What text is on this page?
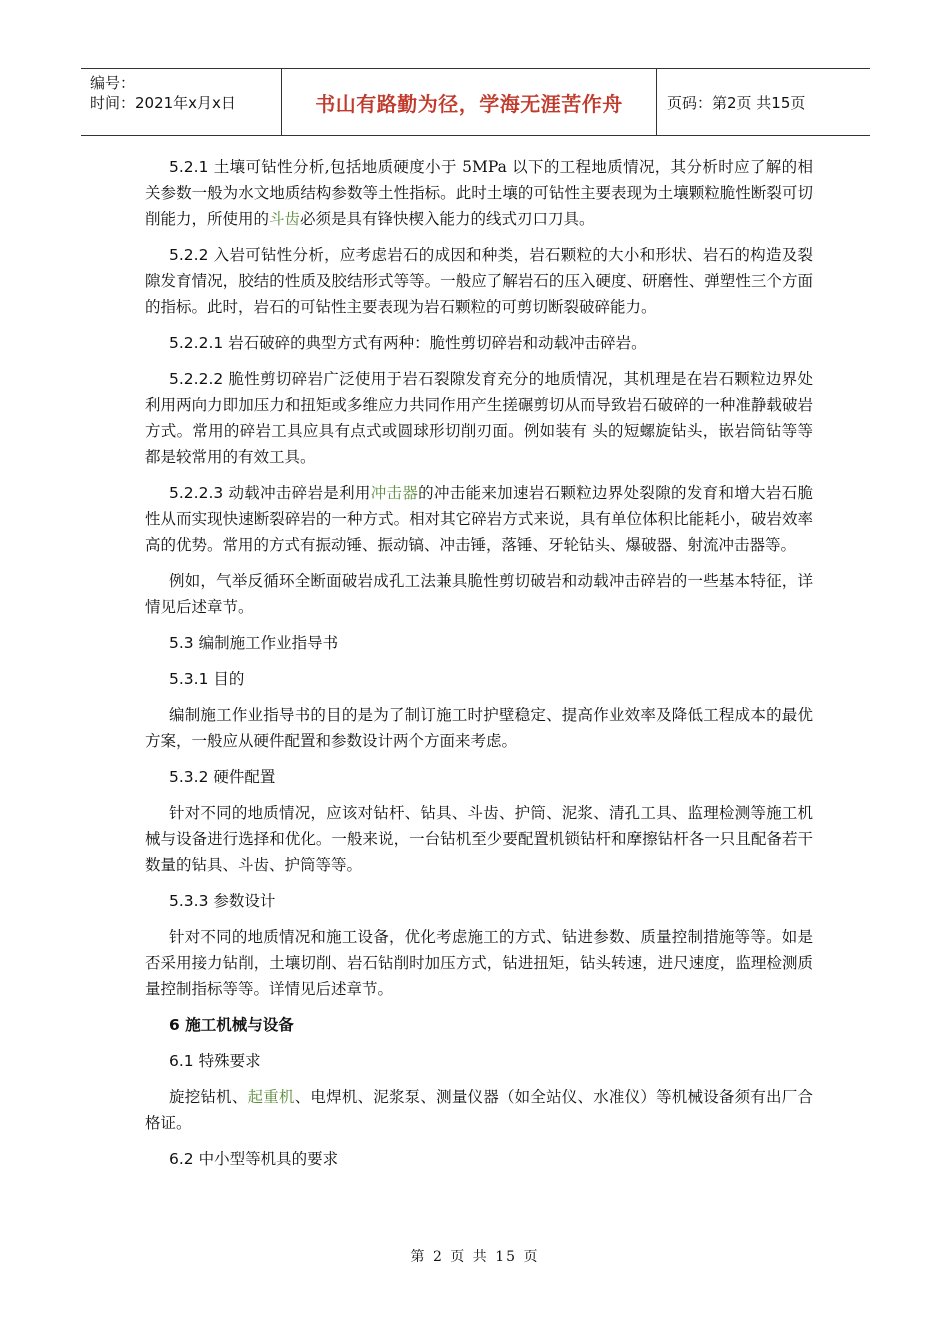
编号：
时间：2021年x月x日	书山有路勤为径，学海无涯苦作舟	页码：第2页 共15页

5.2.1 土壤可钻性分析,包括地质硬度小于 5MPa 以下的工程地质情况，其分析时应了解的相关参数一般为水文地质结构参数等土性指标。此时土壤的可钻性主要表现为土壤颗粒脆性断裂可切削能力，所使用的斗齿必须是具有锋快楔入能力的线式刃口刀具。

5.2.2 入岩可钻性分析，应考虑岩石的成因和种类，岩石颗粒的大小和形状、岩石的构造及裂隙发育情况，胶结的性质及胶结形式等等。一般应了解岩石的压入硬度、研磨性、弹塑性三个方面的指标。此时，岩石的可钻性主要表现为岩石颗粒的可剪切断裂破碎能力。

5.2.2.1 岩石破碎的典型方式有两种：脆性剪切碎岩和动载冲击碎岩。

5.2.2.2 脆性剪切碎岩广泛使用于岩石裂隙发育充分的地质情况，其机理是在岩石颗粒边界处利用两向力即加压力和扭矩或多维应力共同作用产生搓碾剪切从而导致岩石破碎的一种准静载破岩方式。常用的碎岩工具应具有点式或圆球形切削刃面。例如装有 头的短螺旋钻头，嵌岩筒钻等等都是较常用的有效工具。

5.2.2.3 动载冲击碎岩是利用冲击器的冲击能来加速岩石颗粒边界处裂隙的发育和增大岩石脆性从而实现快速断裂碎岩的一种方式。相对其它碎岩方式来说，具有单位体积比能耗小，破岩效率高的优势。常用的方式有振动锤、振动镐、冲击锤，落锤、牙轮钻头、爆破器、射流冲击器等。

例如，气举反循环全断面破岩成孔工法兼具脆性剪切破岩和动载冲击碎岩的一些基本特征，详情见后述章节。

5.3 编制施工作业指导书

5.3.1 目的

编制施工作业指导书的目的是为了制订施工时护壁稳定、提高作业效率及降低工程成本的最优方案，一般应从硬件配置和参数设计两个方面来考虑。

5.3.2 硬件配置

针对不同的地质情况，应该对钻杆、钻具、斗齿、护筒、泥浆、清孔工具、监理检测等施工机械与设备进行选择和优化。一般来说，一台钻机至少要配置机锁钻杆和摩擦钻杆各一只且配备若干数量的钻具、斗齿、护筒等等。

5.3.3 参数设计

针对不同的地质情况和施工设备，优化考虑施工的方式、钻进参数、质量控制措施等等。如是否采用接力钻削，土壤切削、岩石钻削时加压方式，钻进扭矩，钻头转速，进尺速度，监理检测质量控制指标等等。详情见后述章节。

6 施工机械与设备

6.1 特殊要求

旋挖钻机、起重机、电焊机、泥浆泵、测量仪器（如全站仪、水准仪）等机械设备须有出厂合格证。

6.2 中小型等机具的要求

第 2 页 共 15 页
